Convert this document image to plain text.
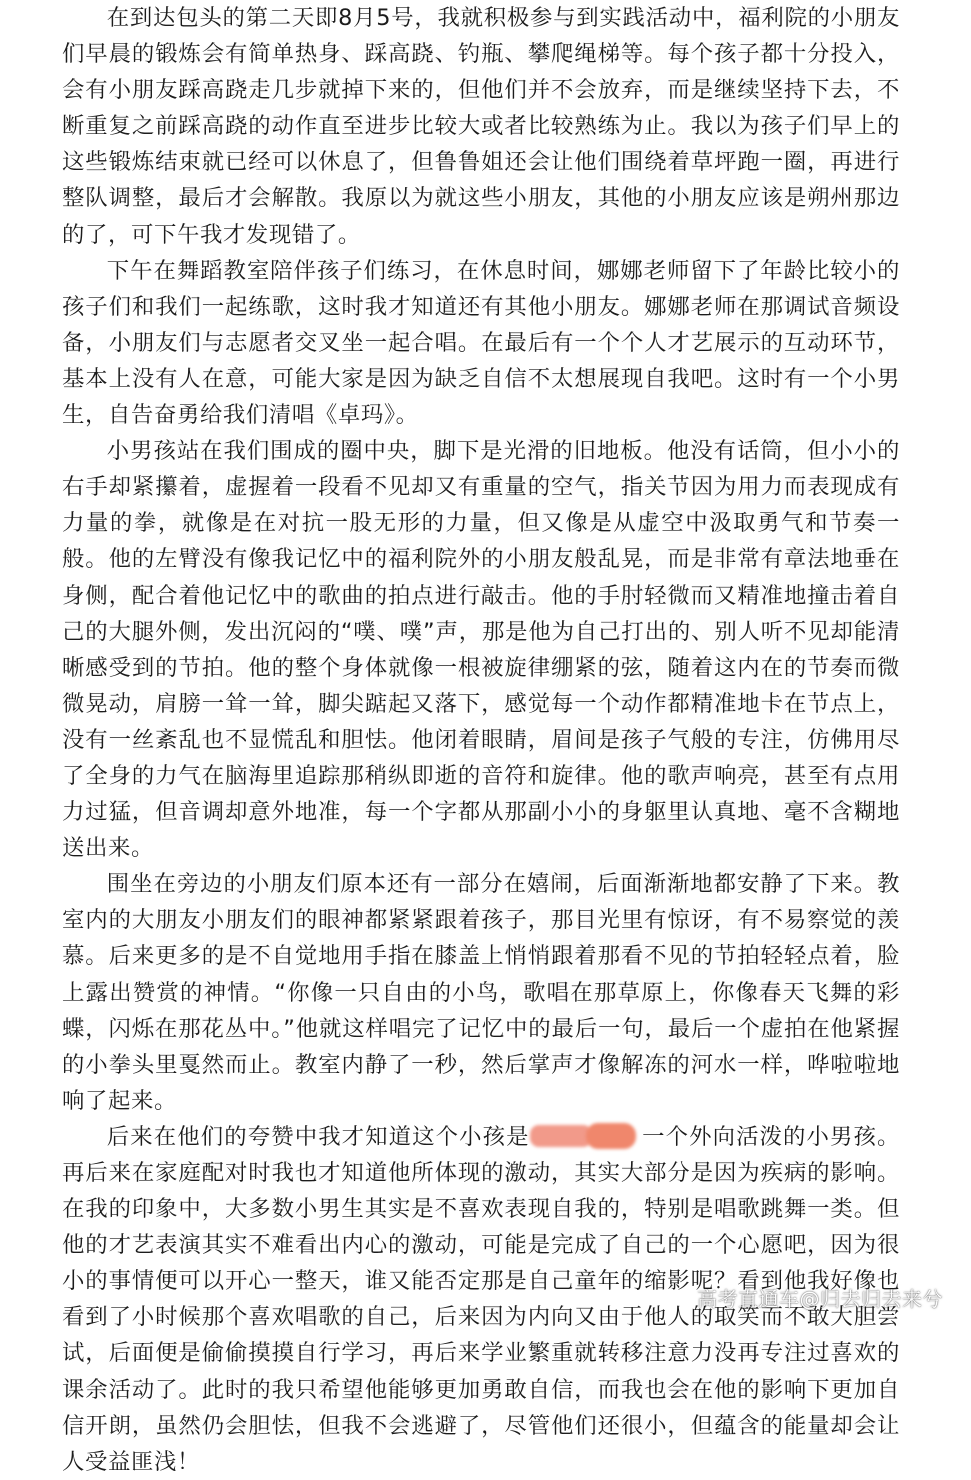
在到达包头的第二天即8月5号，我就积极参与到实践活动中，福利院的小朋友们早晨的锻炼会有简单热身、踩高跷、钓瓶、攀爬绳梯等。每个孩子都十分投入，会有小朋友踩高跷走几步就掉下来的，但他们并不会放弃，而是继续坚持下去，不断重复之前踩高跷的动作直至进步比较大或者比较熟练为止。我以为孩子们早上的这些锻炼结束就已经可以休息了，但鲁鲁姐还会让他们围绕着草坪跑一圈，再进行整队调整，最后才会解散。我原以为就这些小朋友，其他的小朋友应该是朔州那边的了，可下午我才发现错了。

下午在舞蹈教室陪伴孩子们练习，在休息时间，娜娜老师留下了年龄比较小的孩子们和我们一起练歌，这时我才知道还有其他小朋友。娜娜老师在那调试音频设备，小朋友们与志愿者交叉坐一起合唱。在最后有一个个人才艺展示的互动环节，基本上没有人在意，可能大家是因为缺乏自信不太想展现自我吧。这时有一个小男生，自告奋勇给我们清唱《卓玛》。

小男孩站在我们围成的圈中央，脚下是光滑的旧地板。他没有话筒，但小小的右手却紧攥着，虚握着一段看不见却又有重量的空气，指关节因为用力而表现成有力量的拳，就像是在对抗一股无形的力量，但又像是从虚空中汲取勇气和节奏一般。他的左臂没有像我记忆中的福利院外的小朋友般乱晃，而是非常有章法地垂在身侧，配合着他记忆中的歌曲的拍点进行敲击。他的手肘轻微而又精准地撞击着自己的大腿外侧，发出沉闷的“噗、噗”声，那是他为自己打出的、别人听不见却能清晰感受到的节拍。他的整个身体就像一根被旋律绷紧的弦，随着这内在的节奏而微微晃动，肩膀一耸一耸，脚尖踮起又落下，感觉每一个动作都精准地卡在节点上，没有一丝紊乱也不显慌乱和胆怯。他闭着眼睛，眉间是孩子气般的专注，仿佛用尽了全身的力气在脑海里追踪那稍纵即逝的音符和旋律。他的歌声响亮，甚至有点用力过猛，但音调却意外地准，每一个字都从那副小小的身躯里认真地、毫不含糊地送出来。

围坐在旁边的小朋友们原本还有一部分在嬉闹，后面渐渐地都安静了下来。教室内的大朋友小朋友们的眼神都紧紧跟着孩子，那目光里有惊讶，有不易察觉的羡慕。后来更多的是不自觉地用手指在膝盖上悄悄跟着那看不见的节拍轻轻点着，脸上露出赞赏的神情。“你像一只自由的小鸟，歌唱在那草原上，你像春天飞舞的彩蝶，闪烁在那花丛中。”他就这样唱完了记忆中的最后一句，最后一个虚拍在他紧握的小拳头里戛然而止。教室内静了一秒，然后掌声才像解冻的河水一样，哗啦啦地响了起来。

后来在他们的夸赞中我才知道这个小孩是	一个外向活泼的小男孩。再后来在家庭配对时我也才知道他所体现的激动，其实大部分是因为疾病的影响。在我的印象中，大多数小男生其实是不喜欢表现自我的，特别是唱歌跳舞一类。但他的才艺表演其实不难看出内心的激动，可能是完成了自己的一个心愿吧，因为很小的事情便可以开心一整天，谁又能否定那是自己童年的缩影呢？看到他我好像也看到了小时候那个喜欢唱歌的自己，后来因为内向又由于他人的取笑而不敢大胆尝试，后面便是偷偷摸摸自行学习，再后来学业繁重就转移注意力没再专注过喜欢的课余活动了。此时的我只希望他能够更加勇敢自信，而我也会在他的影响下更加自信开朗，虽然仍会胆怯，但我不会逃避了，尽管他们还很小，但蕴含的能量却会让人受益匪浅！

高考直通车@归去归去来兮
